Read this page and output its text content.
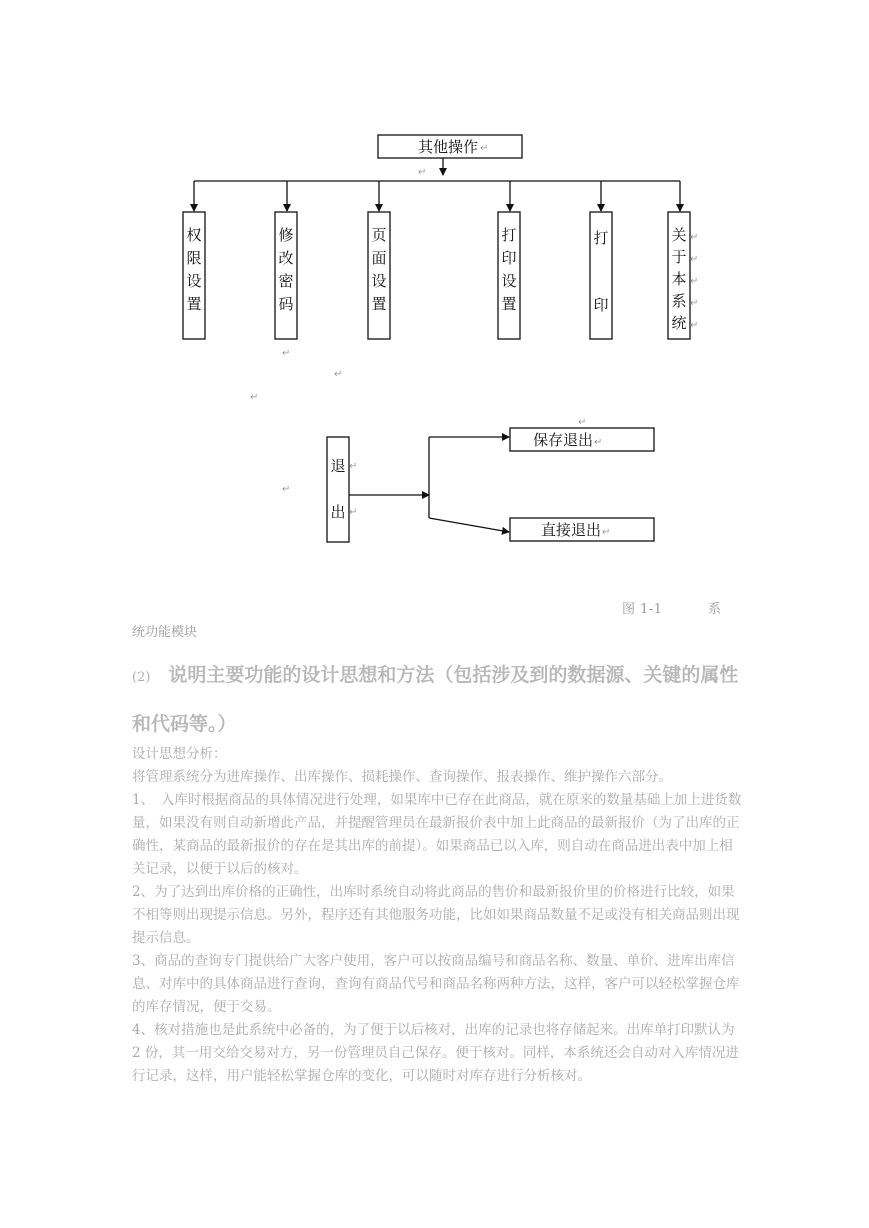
其他操作 ↵
↵
权
限
设
置
修
改
密
码
页
面
设
置
打
印
设
置
打
印
关
于
本
系
统
↵
↵
↵
↵
↵
↵
↵
↵
↵
↵
退
出
↵
↵
保存退出 ↵
直接退出 ↵
图 1-1	系
统功能模块
(2) 说明主要功能的设计思想和方法（包括涉及到的数据源、关键的属性和代码等。）

设计思想分析：

将管理系统分为进库操作、出库操作、损耗操作、查询操作、报表操作、维护操作六部分。

1、　入库时根据商品的具体情况进行处理，如果库中已存在此商品，就在原来的数量基础上加上进货数量，如果没有则自动新增此产品，并提醒管理员在最新报价表中加上此商品的最新报价（为了出库的正确性，某商品的最新报价的存在是其出库的前提）。如果商品已以入库，则自动在商品进出表中加上相关记录，以便于以后的核对。

2、为了达到出库价格的正确性，出库时系统自动将此商品的售价和最新报价里的价格进行比较，如果不相等则出现提示信息。另外，程序还有其他服务功能，比如如果商品数量不足或没有相关商品则出现提示信息。

3、商品的查询专门提供给广大客户使用，客户可以按商品编号和商品名称、数量、单价、进库出库信息、对库中的具体商品进行查询，查询有商品代号和商品名称两种方法，这样，客户可以轻松掌握仓库的库存情况，便于交易。

4、核对措施也是此系统中必备的，为了便于以后核对，出库的记录也将存储起来。出库单打印默认为 2 份，其一用交给交易对方，另一份管理员自己保存。便于核对。同样，本系统还会自动对入库情况进行记录，这样，用户能轻松掌握仓库的变化，可以随时对库存进行分析核对。
